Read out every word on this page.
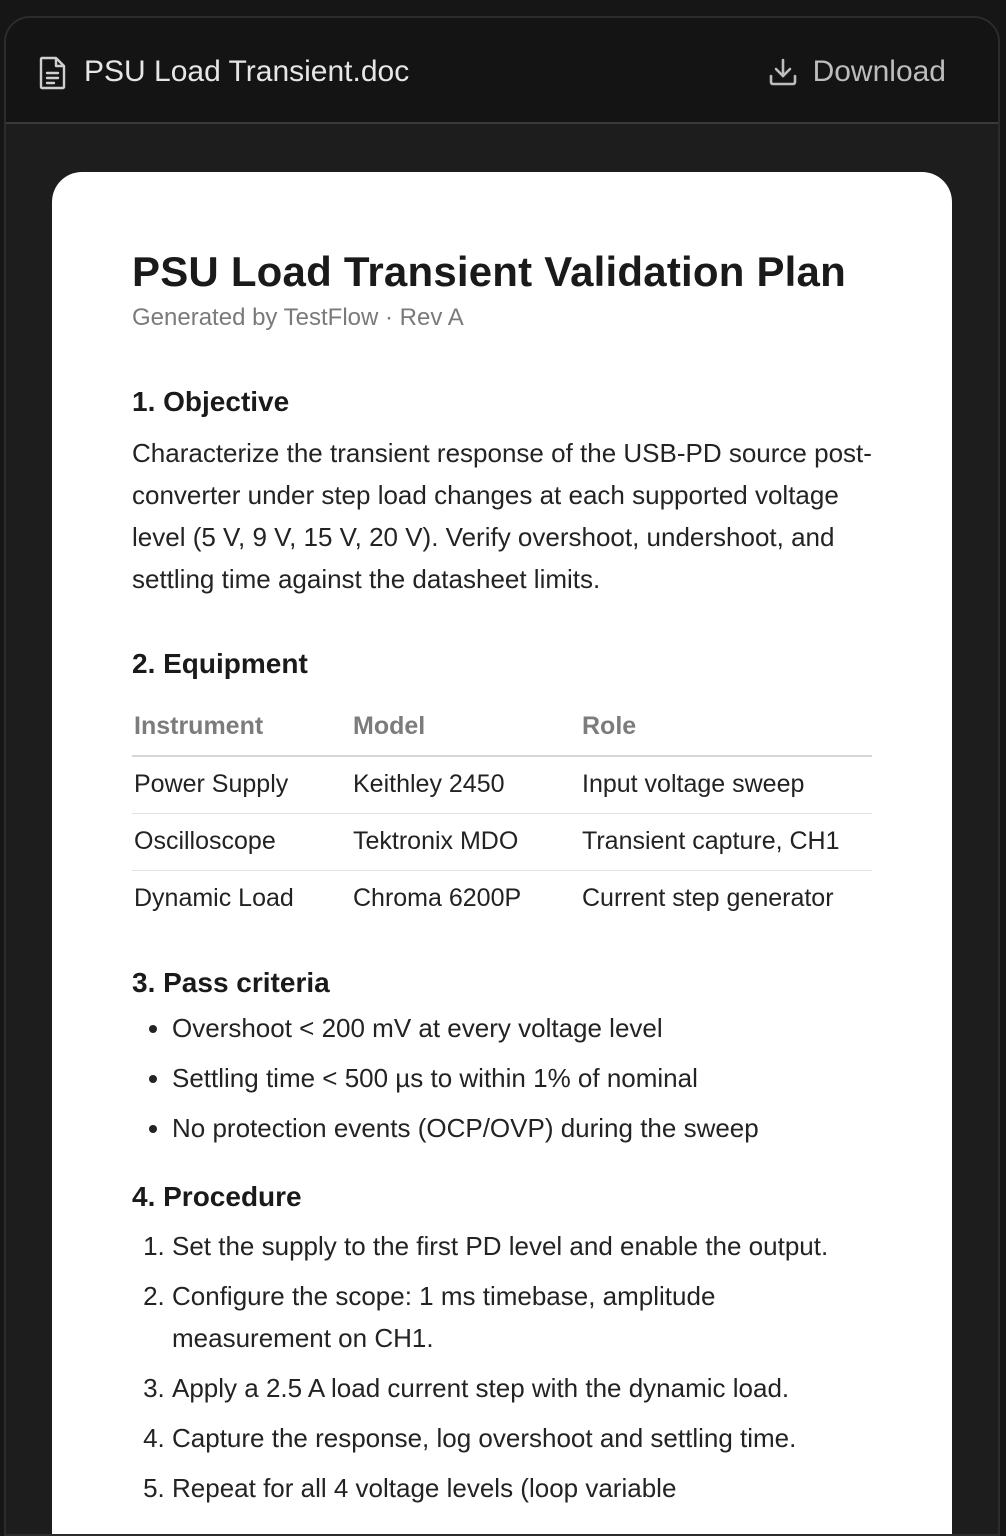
PSU Load Transient.doc	Download
PSU Load Transient Validation Plan
Generated by TestFlow · Rev A
1. Objective
Characterize the transient response of the USB-PD source post-converter under step load changes at each supported voltage level (5 V, 9 V, 15 V, 20 V). Verify overshoot, undershoot, and settling time against the datasheet limits.
2. Equipment
Instrument	Model	Role
Power Supply	Keithley 2450	Input voltage sweep
Oscilloscope	Tektronix MDO	Transient capture, CH1
Dynamic Load	Chroma 6200P	Current step generator
3. Pass criteria
• Overshoot < 200 mV at every voltage level
• Settling time < 500 µs to within 1% of nominal
• No protection events (OCP/OVP) during the sweep
4. Procedure
1. Set the supply to the first PD level and enable the output.
2. Configure the scope: 1 ms timebase, amplitude measurement on CH1.
3. Apply a 2.5 A load current step with the dynamic load.
4. Capture the response, log overshoot and settling time.
5. Repeat for all 4 voltage levels (loop variable
